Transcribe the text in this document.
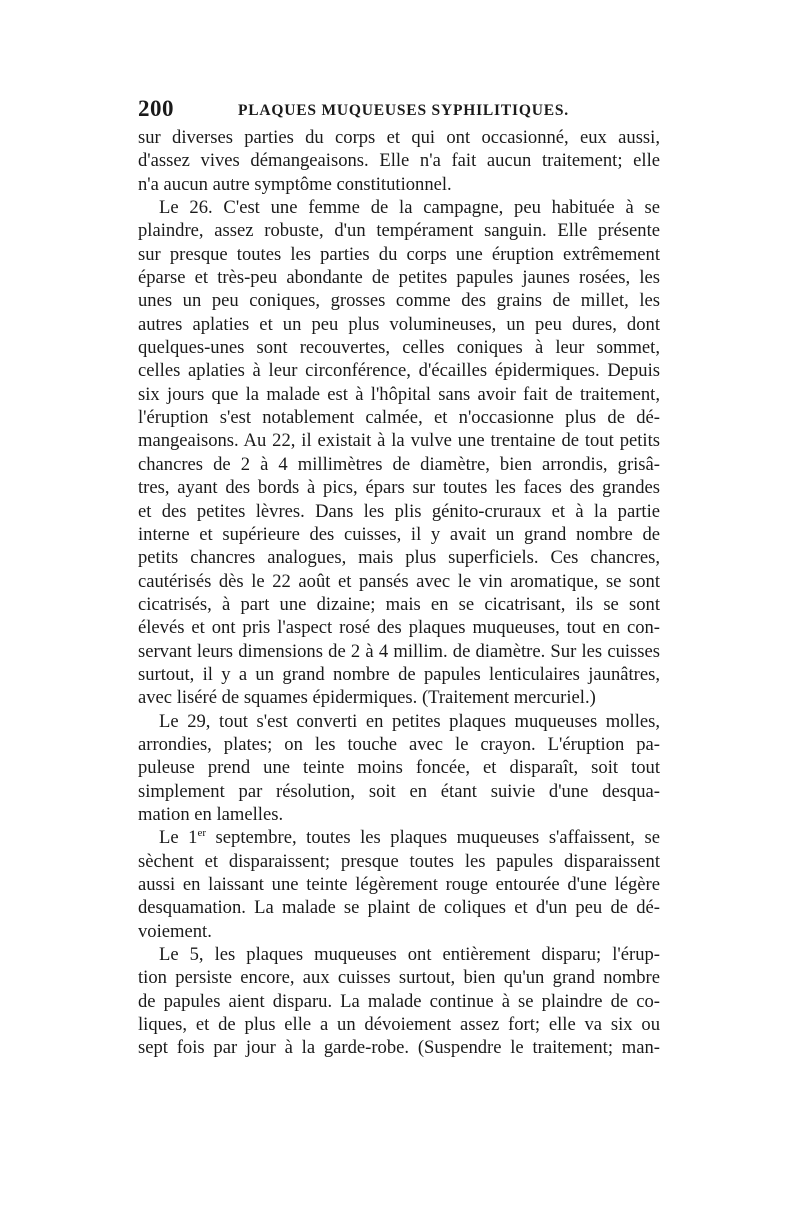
200	PLAQUES MUQUEUSES SYPHILITIQUES.
sur diverses parties du corps et qui ont occasionné, eux aussi,
d'assez vives démangeaisons. Elle n'a fait aucun traitement; elle
n'a aucun autre symptôme constitutionnel.
Le 26. C'est une femme de la campagne, peu habituée à se
plaindre, assez robuste, d'un tempérament sanguin. Elle présente
sur presque toutes les parties du corps une éruption extrêmement
éparse et très-peu abondante de petites papules jaunes rosées, les
unes un peu coniques, grosses comme des grains de millet, les
autres aplaties et un peu plus volumineuses, un peu dures, dont
quelques-unes sont recouvertes, celles coniques à leur sommet,
celles aplaties à leur circonférence, d'écailles épidermiques. Depuis
six jours que la malade est à l'hôpital sans avoir fait de traitement,
l'éruption s'est notablement calmée, et n'occasionne plus de dé-
mangeaisons. Au 22, il existait à la vulve une trentaine de tout petits
chancres de 2 à 4 millimètres de diamètre, bien arrondis, grisâ-
tres, ayant des bords à pics, épars sur toutes les faces des grandes
et des petites lèvres. Dans les plis génito-cruraux et à la partie
interne et supérieure des cuisses, il y avait un grand nombre de
petits chancres analogues, mais plus superficiels. Ces chancres,
cautérisés dès le 22 août et pansés avec le vin aromatique, se sont
cicatrisés, à part une dizaine; mais en se cicatrisant, ils se sont
élevés et ont pris l'aspect rosé des plaques muqueuses, tout en con-
servant leurs dimensions de 2 à 4 millim. de diamètre. Sur les cuisses
surtout, il y a un grand nombre de papules lenticulaires jaunâtres,
avec liséré de squames épidermiques. (Traitement mercuriel.)
Le 29, tout s'est converti en petites plaques muqueuses molles,
arrondies, plates; on les touche avec le crayon. L'éruption pa-
puleuse prend une teinte moins foncée, et disparaît, soit tout
simplement par résolution, soit en étant suivie d'une desqua-
mation en lamelles.
Le 1er septembre, toutes les plaques muqueuses s'affaissent, se
sèchent et disparaissent; presque toutes les papules disparaissent
aussi en laissant une teinte légèrement rouge entourée d'une légère
desquamation. La malade se plaint de coliques et d'un peu de dé-
voiement.
Le 5, les plaques muqueuses ont entièrement disparu; l'érup-
tion persiste encore, aux cuisses surtout, bien qu'un grand nombre
de papules aient disparu. La malade continue à se plaindre de co-
liques, et de plus elle a un dévoiement assez fort; elle va six ou
sept fois par jour à la garde-robe. (Suspendre le traitement; man-
